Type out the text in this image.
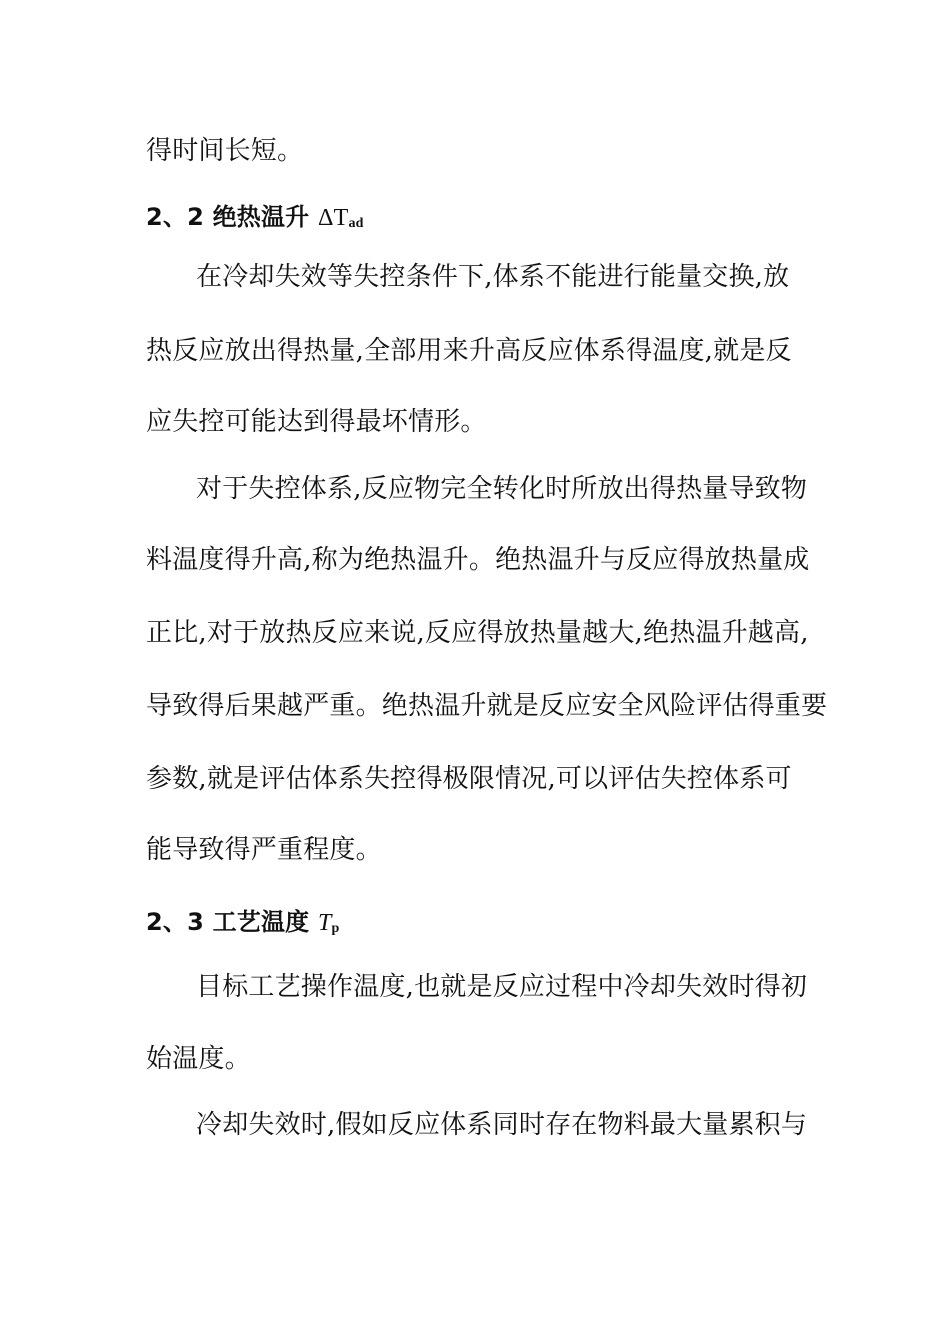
得时间长短。
2、2 绝热温升 ΔTad
在冷却失效等失控条件下,体系不能进行能量交换,放
热反应放出得热量,全部用来升高反应体系得温度,就是反
应失控可能达到得最坏情形。
对于失控体系,反应物完全转化时所放出得热量导致物
料温度得升高,称为绝热温升。绝热温升与反应得放热量成
正比,对于放热反应来说,反应得放热量越大,绝热温升越高,
导致得后果越严重。绝热温升就是反应安全风险评估得重要
参数,就是评估体系失控得极限情况,可以评估失控体系可
能导致得严重程度。
2、3 工艺温度 Tp
目标工艺操作温度,也就是反应过程中冷却失效时得初
始温度。
冷却失效时,假如反应体系同时存在物料最大量累积与
